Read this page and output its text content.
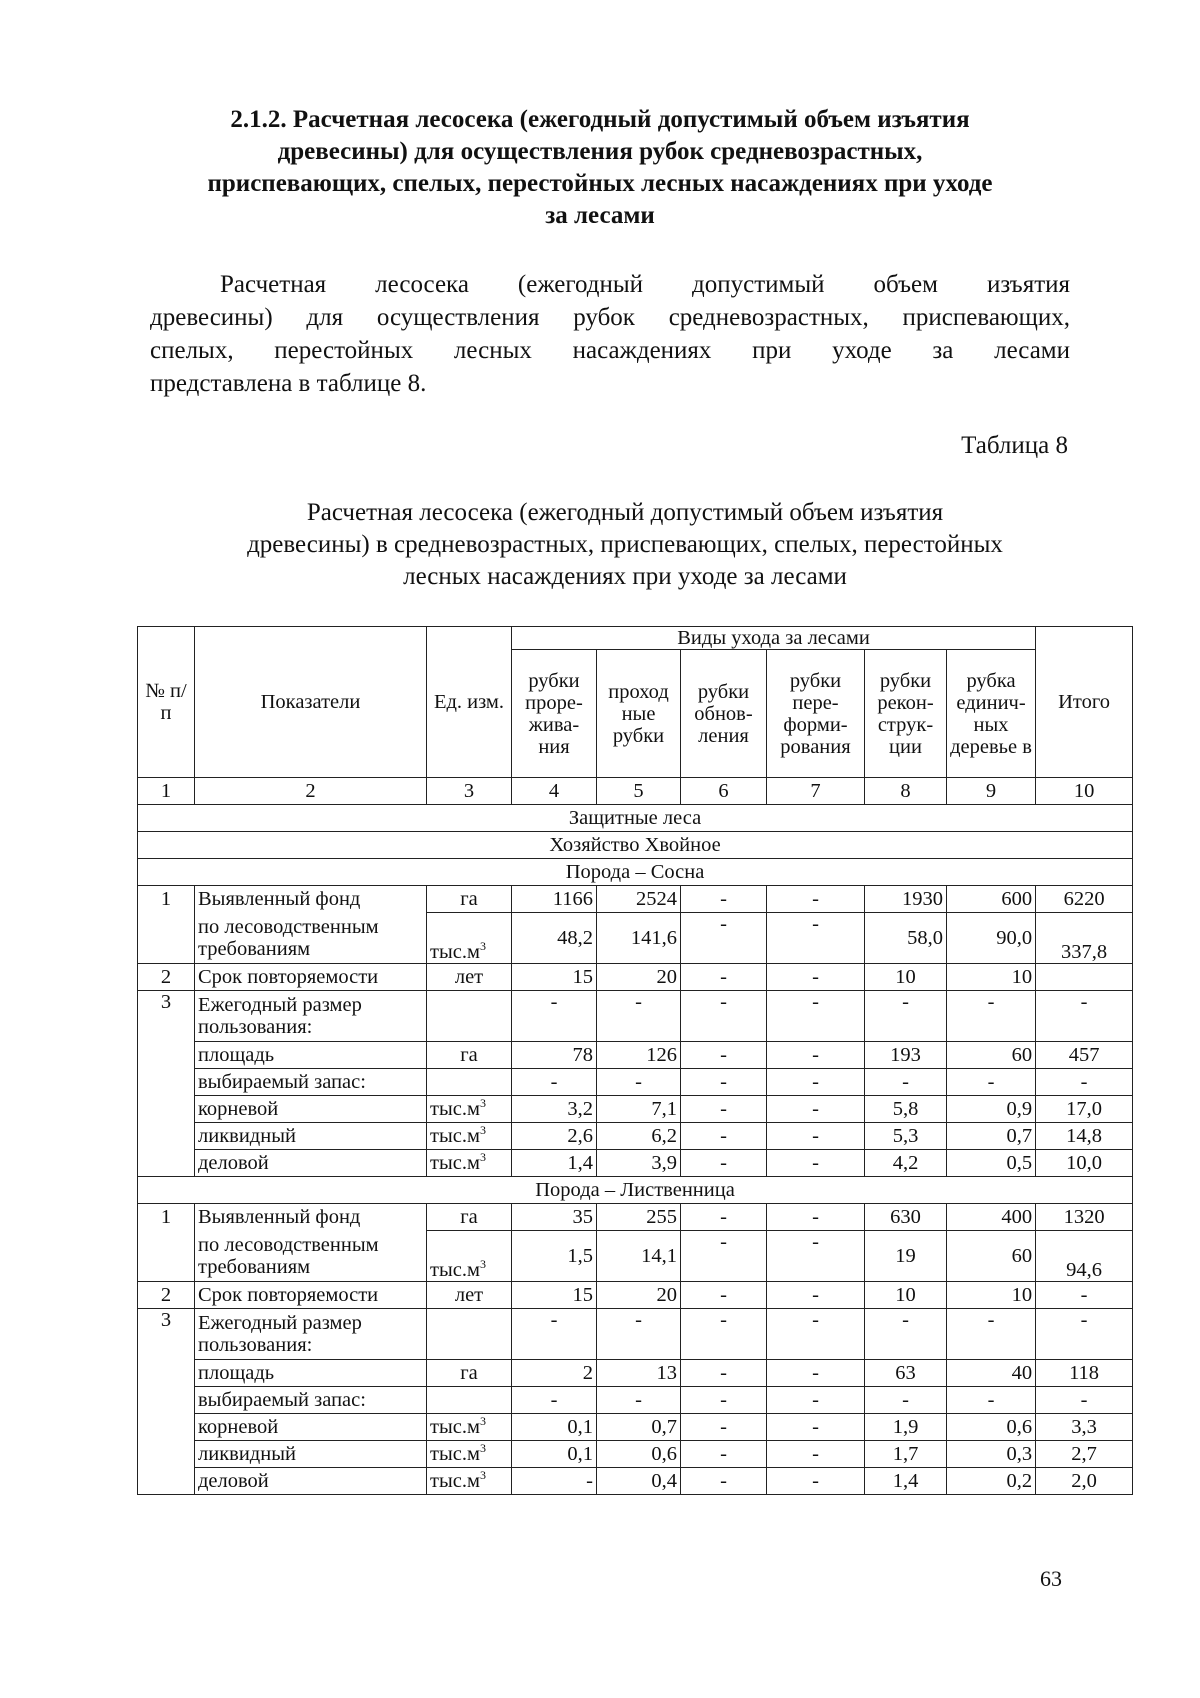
2.1.2. Расчетная лесосека (ежегодный допустимый объем изъятия
древесины) для осуществления рубок средневозрастных,
приспевающих, спелых, перестойных лесных насаждениях при уходе
за лесами
Расчетная лесосека (ежегодный допустимый объем изъятия
древесины) для осуществления рубок средневозрастных, приспевающих,
спелых, перестойных лесных насаждениях при уходе за лесами
представлена в таблице 8.
Таблица 8
Расчетная лесосека (ежегодный допустимый объем изъятия
древесины) в средневозрастных, приспевающих, спелых, перестойных
лесных насаждениях при уходе за лесами
№ п/п	Показатели	Ед. изм.	Виды ухода за лесами						Итого
			рубки проре-жива-ния	проход ные рубки	рубки обнов-ления	рубки пере-форми-рования	рубки рекон-струк-ции	рубка единич-ных деревье в	
1	2	3	4	5	6	7	8	9	10
Защитные леса									
Хозяйство Хвойное									
Порода – Сосна									
1	Выявленный фонд	га	1166	2524	-	-	1930	600	6220
	по лесоводственным
требованиям	$тыс.м^3$	48,2	141,6	-	-	58,0	90,0	337,8
2	Срок повторяемости	лет	15	20	-	-	10	10	
3	Ежегодный размер
пользования:		-	-	-	-	-	-	-
	площадь	га	78	126	-	-	193	60	457
	выбираемый запас:		-	-	-	-	-	-	-
	корневой	$тыс.м^3$	3,2	7,1	-	-	5,8	0,9	17,0
	ликвидный	$тыс.м^3$	2,6	6,2	-	-	5,3	0,7	14,8
	деловой	$тыс.м^3$	1,4	3,9	-	-	4,2	0,5	10,0
Порода – Лиственница									
1	Выявленный фонд	га	35	255	-	-	630	400	1320
	по лесоводственным
требованиям	$тыс.м^3$	1,5	14,1	-	-	19	60	94,6
2	Срок повторяемости	лет	15	20	-	-	10	10	-
3	Ежегодный размер
пользования:		-	-	-	-	-	-	-
	площадь	га	2	13	-	-	63	40	118
	выбираемый запас:		-	-	-	-	-	-	-
	корневой	$тыс.м^3$	0,1	0,7	-	-	1,9	0,6	3,3
	ликвидный	$тыс.м^3$	0,1	0,6	-	-	1,7	0,3	2,7
	деловой	$тыс.м^3$	-	0,4	-	-	1,4	0,2	2,0
63
